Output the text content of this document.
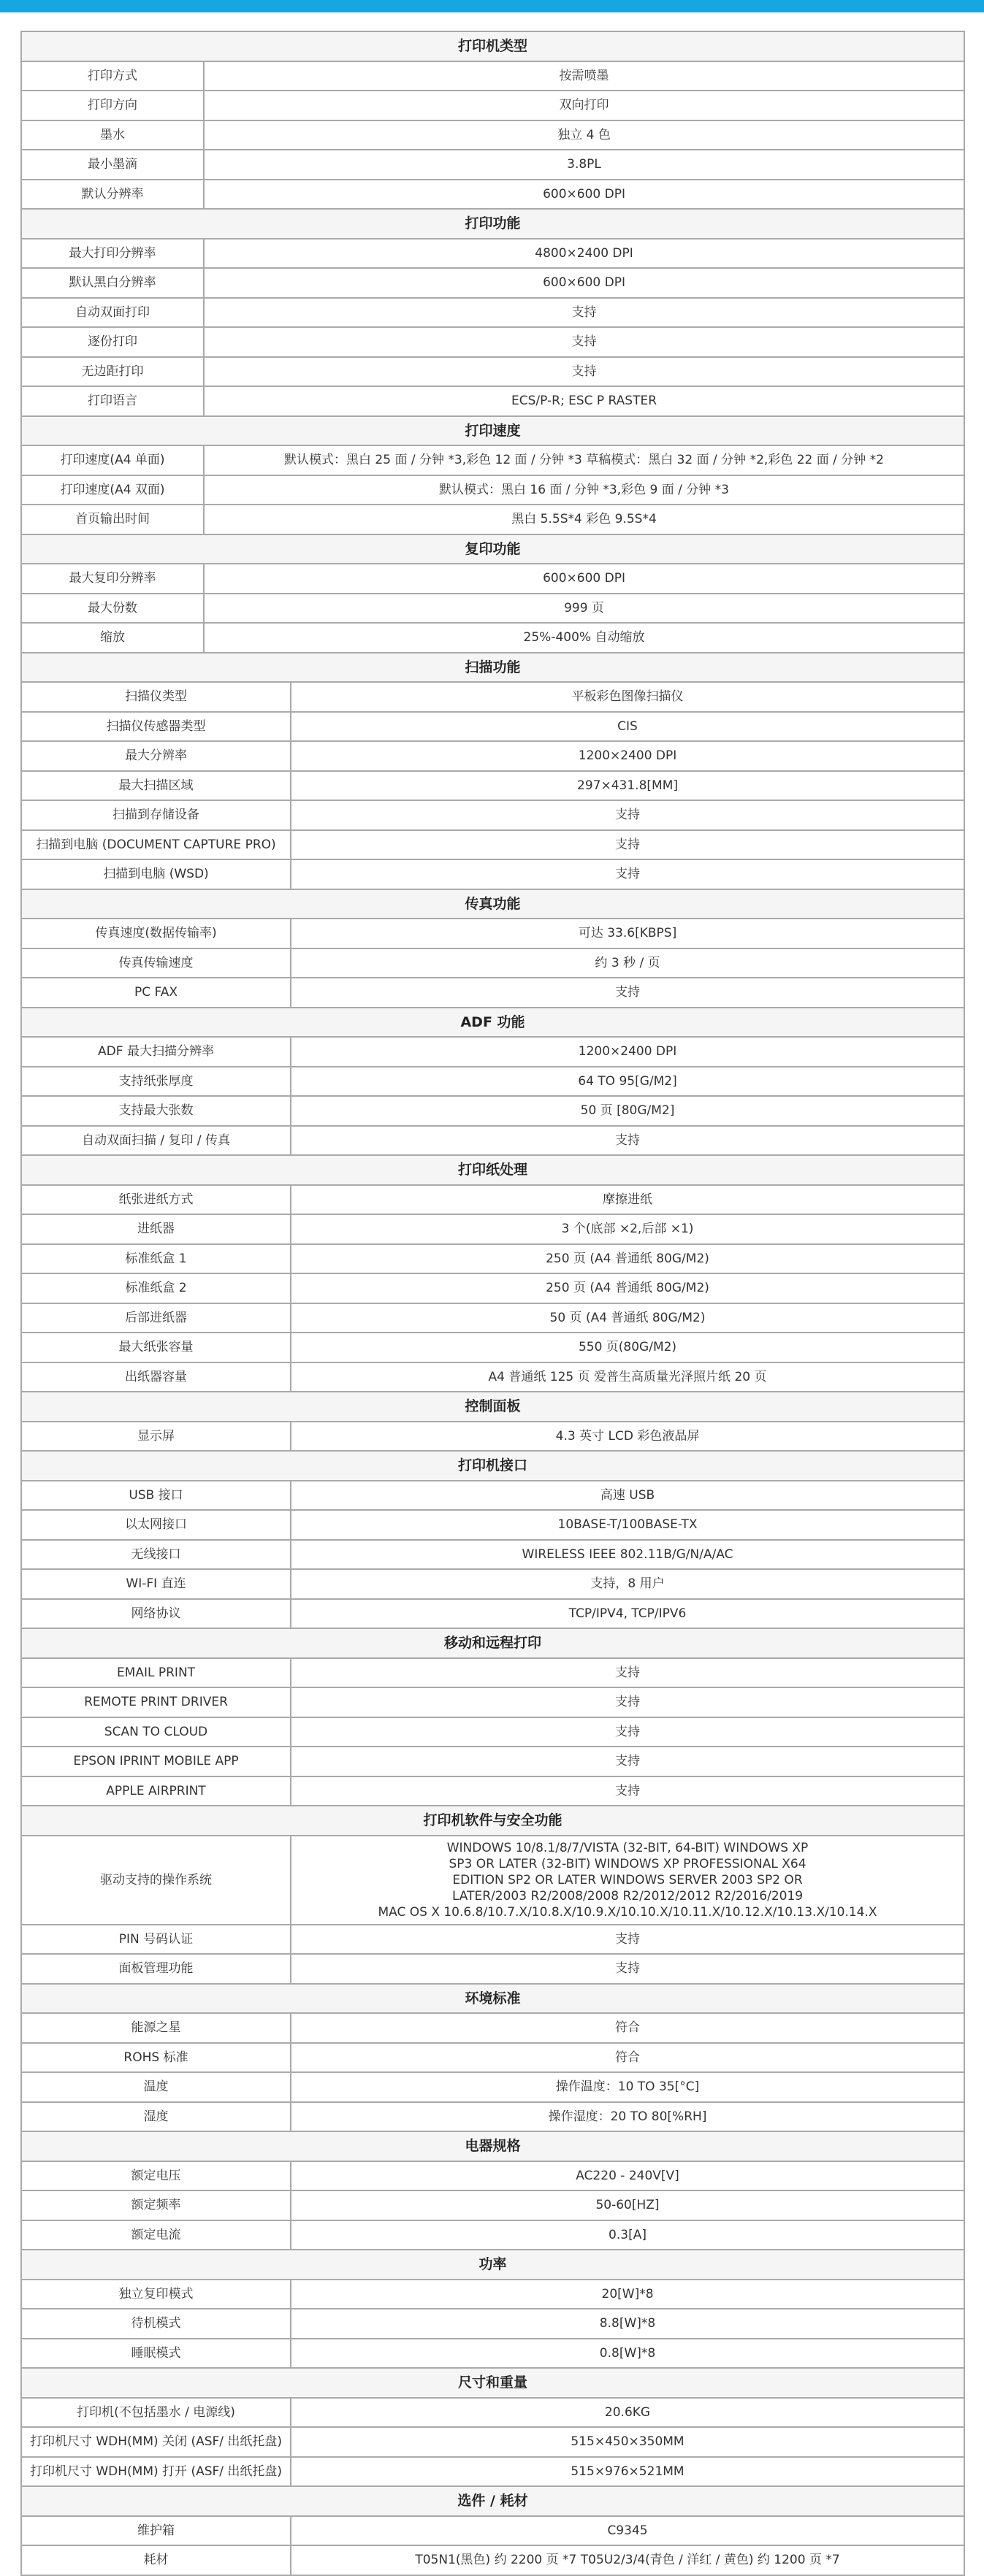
打印机类型		
打印方式	按需喷墨	
打印方向	双向打印	
墨水	独立 4 色	
最小墨滴	3.8PL	
默认分辨率	600×600 DPI	
打印功能		
最大打印分辨率	4800×2400 DPI	
默认黑白分辨率	600×600 DPI	
自动双面打印	支持	
逐份打印	支持	
无边距打印	支持	
打印语言	ECS/P-R; ESC P RASTER	
打印速度		
打印速度(A4 单面)	默认模式：黑白 25 面 / 分钟 *3,彩色 12 面 / 分钟 *3 草稿模式：黑白 32 面 / 分钟 *2,彩色 22 面 / 分钟 *2	
打印速度(A4 双面)	默认模式：黑白 16 面 / 分钟 *3,彩色 9 面 / 分钟 *3	
首页输出时间	黑白 5.5S*4 彩色 9.5S*4	
复印功能		
最大复印分辨率	600×600 DPI	
最大份数	999 页	
缩放	25%-400% 自动缩放	
扫描功能		
扫描仪类型		平板彩色图像扫描仪
扫描仪传感器类型		CIS
最大分辨率		1200×2400 DPI
最大扫描区域		297×431.8[MM]
扫描到存储设备		支持
扫描到电脑 (DOCUMENT CAPTURE PRO)		支持
扫描到电脑 (WSD)		支持
传真功能		
传真速度(数据传输率)		可达 33.6[KBPS]
传真传输速度		约 3 秒 / 页
PC FAX		支持
ADF 功能		
ADF 最大扫描分辨率		1200×2400 DPI
支持纸张厚度		64 TO 95[G/M2]
支持最大张数		50 页 [80G/M2]
自动双面扫描 / 复印 / 传真		支持
打印纸处理		
纸张进纸方式		摩擦进纸
进纸器		3 个(底部 ×2,后部 ×1)
标准纸盒 1		250 页 (A4 普通纸 80G/M2)
标准纸盒 2		250 页 (A4 普通纸 80G/M2)
后部进纸器		50 页 (A4 普通纸 80G/M2)
最大纸张容量		550 页(80G/M2)
出纸器容量		A4 普通纸 125 页 爱普生高质量光泽照片纸 20 页
控制面板		
显示屏		4.3 英寸 LCD 彩色液晶屏
打印机接口		
USB 接口		高速 USB
以太网接口		10BASE-T/100BASE-TX
无线接口		WIRELESS IEEE 802.11B/G/N/A/AC
WI-FI 直连		支持，8 用户
网络协议		TCP/IPV4, TCP/IPV6
移动和远程打印		
EMAIL PRINT		支持
REMOTE PRINT DRIVER		支持
SCAN TO CLOUD		支持
EPSON IPRINT MOBILE APP		支持
APPLE AIRPRINT		支持
打印机软件与安全功能		
驱动支持的操作系统		WINDOWS 10/8.1/8/7/VISTA (32-BIT, 64-BIT) WINDOWS XP
SP3 OR LATER (32-BIT) WINDOWS XP PROFESSIONAL X64
EDITION SP2 OR LATER WINDOWS SERVER 2003 SP2 OR
LATER/2003 R2/2008/2008 R2/2012/2012 R2/2016/2019
MAC OS X 10.6.8/10.7.X/10.8.X/10.9.X/10.10.X/10.11.X/10.12.X/10.13.X/10.14.X

PIN 号码认证		支持
面板管理功能		支持
环境标准		
能源之星		符合
ROHS 标准		符合
温度		操作温度：10 TO 35[°C]
湿度		操作湿度：20 TO 80[%RH]
电器规格		
额定电压		AC220 - 240V[V]
额定频率		50-60[HZ]
额定电流		0.3[A]
功率		
独立复印模式		20[W]*8
待机模式		8.8[W]*8
睡眠模式		0.8[W]*8
尺寸和重量		
打印机(不包括墨水 / 电源线)		20.6KG
打印机尺寸 WDH(MM) 关闭 (ASF/ 出纸托盘)		515×450×350MM
打印机尺寸 WDH(MM) 打开 (ASF/ 出纸托盘)		515×976×521MM
选件 / 耗材		
维护箱		C9345
耗材		T05N1(黑色) 约 2200 页 *7 T05U2/3/4(青色 / 洋红 / 黄色) 约 1200 页 *7
